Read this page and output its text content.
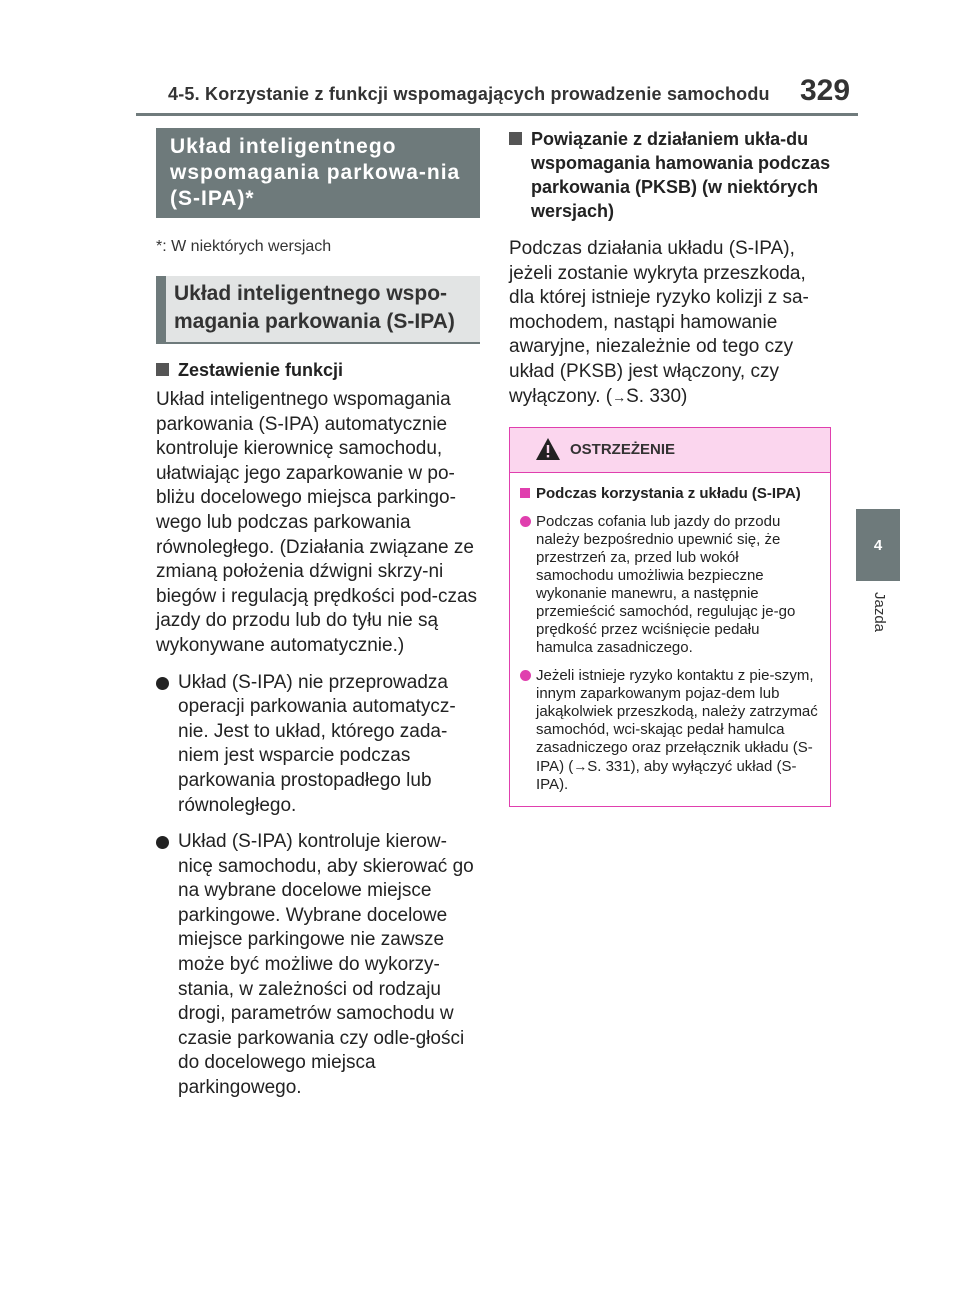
4-5. Korzystanie z funkcji wspomagających prowadzenie samochodu 329
4
Jazda
Układ inteligentnego wspomagania parkowa-nia (S-IPA)*
*: W niektórych wersjach
Układ inteligentnego wspo-magania parkowania (S-IPA)
Zestawienie funkcji
Układ inteligentnego wspomagania parkowania (S-IPA) automatycznie kontroluje kierownicę samochodu, ułatwiając jego zaparkowanie w po-bliżu docelowego miejsca parkingo-wego lub podczas parkowania równoległego. (Działania związane ze zmianą położenia dźwigni skrzy-ni biegów i regulacją prędkości pod-czas jazdy do przodu lub do tyłu nie są wykonywane automatycznie.)
Układ (S-IPA) nie przeprowadza operacji parkowania automatycz-nie. Jest to układ, którego zada-niem jest wsparcie podczas parkowania prostopadłego lub równoległego.
Układ (S-IPA) kontroluje kierow-nicę samochodu, aby skierować go na wybrane docelowe miejsce parkingowe. Wybrane docelowe miejsce parkingowe nie zawsze może być możliwe do wykorzy-stania, w zależności od rodzaju drogi, parametrów samochodu w czasie parkowania czy odle-głości do docelowego miejsca parkingowego.
Powiązanie z działaniem ukła-du wspomagania hamowania podczas parkowania (PKSB) (w niektórych wersjach)
Podczas działania układu (S-IPA), jeżeli zostanie wykryta przeszkoda, dla której istnieje ryzyko kolizji z sa-mochodem, nastąpi hamowanie awaryjne, niezależnie od tego czy układ (PKSB) jest włączony, czy wyłączony. (→S. 330)
OSTRZEŻENIE
Podczas korzystania z układu (S-IPA)
Podczas cofania lub jazdy do przodu należy bezpośrednio upewnić się, że przestrzeń za, przed lub wokół samochodu umożliwia bezpieczne wykonanie manewru, a następnie przemieścić samochód, regulując je-go prędkość przez wciśnięcie pedału hamulca zasadniczego.
Jeżeli istnieje ryzyko kontaktu z pie-szym, innym zaparkowanym pojaz-dem lub jakąkolwiek przeszkodą, należy zatrzymać samochód, wci-skając pedał hamulca zasadniczego oraz przełącznik układu (S-IPA) (→S. 331), aby wyłączyć układ (S-IPA).
